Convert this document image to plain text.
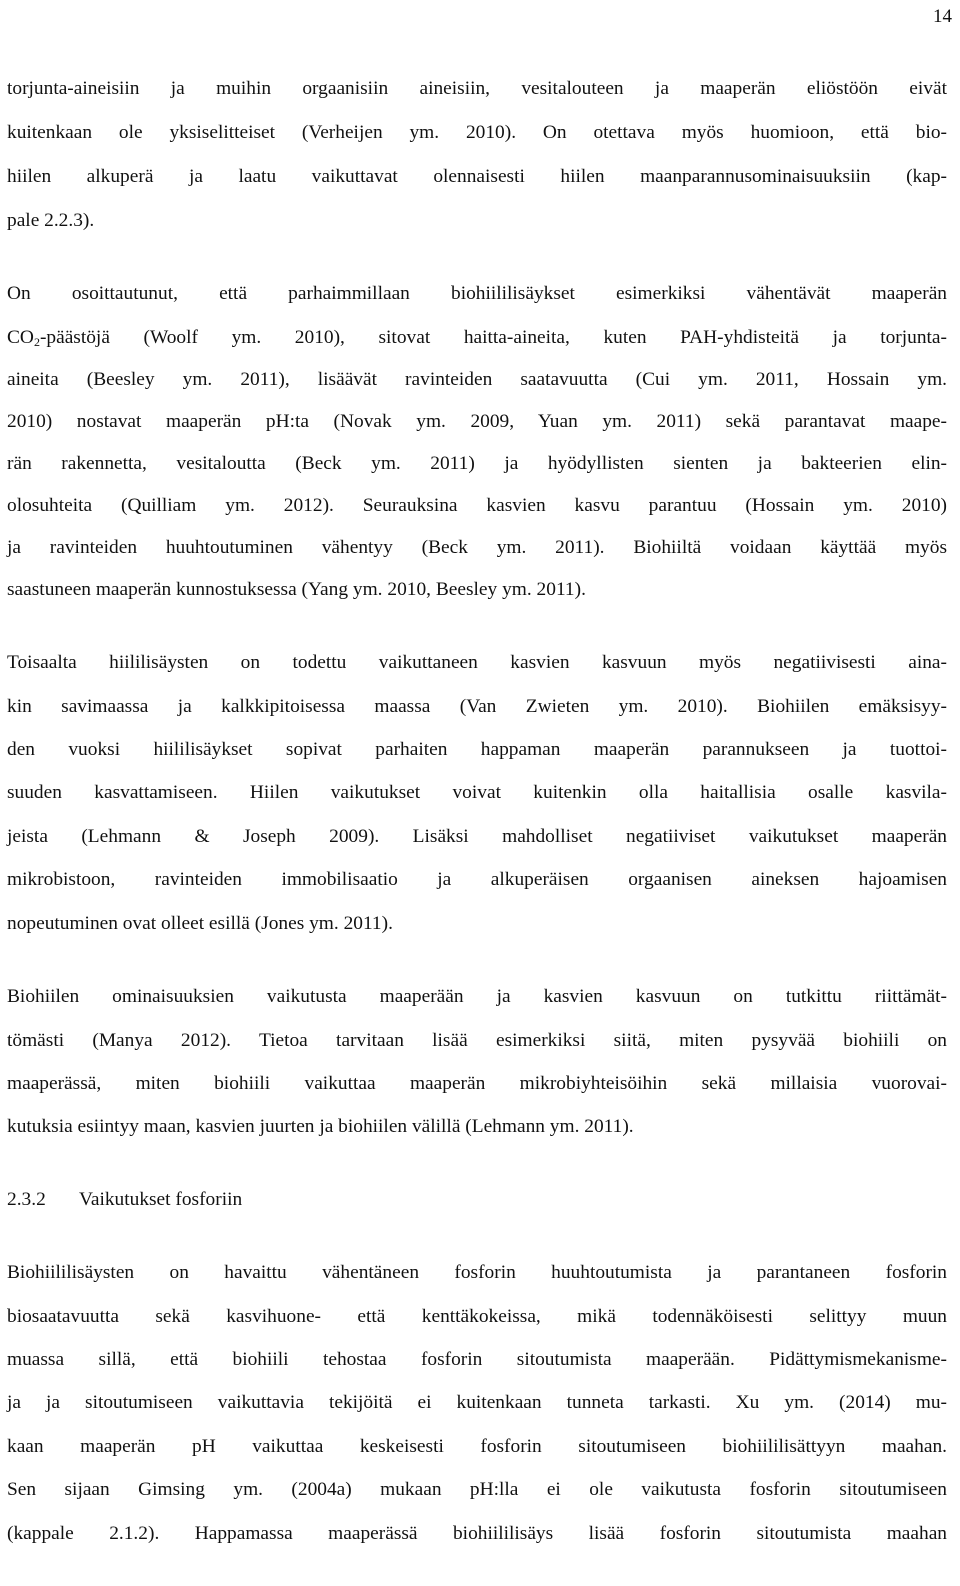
14
torjunta-aineisiin ja muihin orgaanisiin aineisiin, vesitalouteen ja maaperän eliöstöön eivät
kuitenkaan ole yksiselitteiset (Verheijen ym. 2010). On otettava myös huomioon, että bio-
hiilen alkuperä ja laatu vaikuttavat olennaisesti hiilen maanparannusominaisuuksiin (kap-
pale 2.2.3).
On osoittautunut, että parhaimmillaan biohiililisäykset esimerkiksi vähentävät maaperän
$CO_2$-päästöjä (Woolf ym. 2010), sitovat haitta-aineita, kuten PAH-yhdisteitä ja torjunta-
aineita (Beesley ym. 2011), lisäävät ravinteiden saatavuutta (Cui ym. 2011, Hossain ym.
2010) nostavat maaperän pH:ta (Novak ym. 2009, Yuan ym. 2011) sekä parantavat maape-
rän rakennetta, vesitaloutta (Beck ym. 2011) ja hyödyllisten sienten ja bakteerien elin-
olosuhteita (Quilliam ym. 2012). Seurauksina kasvien kasvu parantuu (Hossain ym. 2010)
ja ravinteiden huuhtoutuminen vähentyy (Beck ym. 2011). Biohiiltä voidaan käyttää myös
saastuneen maaperän kunnostuksessa (Yang ym. 2010, Beesley ym. 2011).
Toisaalta hiililisäysten on todettu vaikuttaneen kasvien kasvuun myös negatiivisesti aina-
kin savimaassa ja kalkkipitoisessa maassa (Van Zwieten ym. 2010). Biohiilen emäksisyy-
den vuoksi hiililisäykset sopivat parhaiten happaman maaperän parannukseen ja tuottoi-
suuden kasvattamiseen. Hiilen vaikutukset voivat kuitenkin olla haitallisia osalle kasvila-
jeista (Lehmann & Joseph 2009). Lisäksi mahdolliset negatiiviset vaikutukset maaperän
mikrobistoon, ravinteiden immobilisaatio ja alkuperäisen orgaanisen aineksen hajoamisen
nopeutuminen ovat olleet esillä (Jones ym. 2011).
Biohiilen ominaisuuksien vaikutusta maaperään ja kasvien kasvuun on tutkittu riittämät-
tömästi (Manya 2012). Tietoa tarvitaan lisää esimerkiksi siitä, miten pysyvää biohiili on
maaperässä, miten biohiili vaikuttaa maaperän mikrobiyhteisöihin sekä millaisia vuorovai-
kutuksia esiintyy maan, kasvien juurten ja biohiilen välillä (Lehmann ym. 2011).
2.3.2 Vaikutukset fosforiin
Biohiililisäysten on havaittu vähentäneen fosforin huuhtoutumista ja parantaneen fosforin
biosaatavuutta sekä kasvihuone- että kenttäkokeissa, mikä todennäköisesti selittyy muun
muassa sillä, että biohiili tehostaa fosforin sitoutumista maaperään. Pidättymismekanisme-
ja ja sitoutumiseen vaikuttavia tekijöitä ei kuitenkaan tunneta tarkasti. Xu ym. (2014) mu-
kaan maaperän pH vaikuttaa keskeisesti fosforin sitoutumiseen biohiililisättyyn maahan.
Sen sijaan Gimsing ym. (2004a) mukaan pH:lla ei ole vaikutusta fosforin sitoutumiseen
(kappale 2.1.2). Happamassa maaperässä biohiililisäys lisää fosforin sitoutumista maahan
